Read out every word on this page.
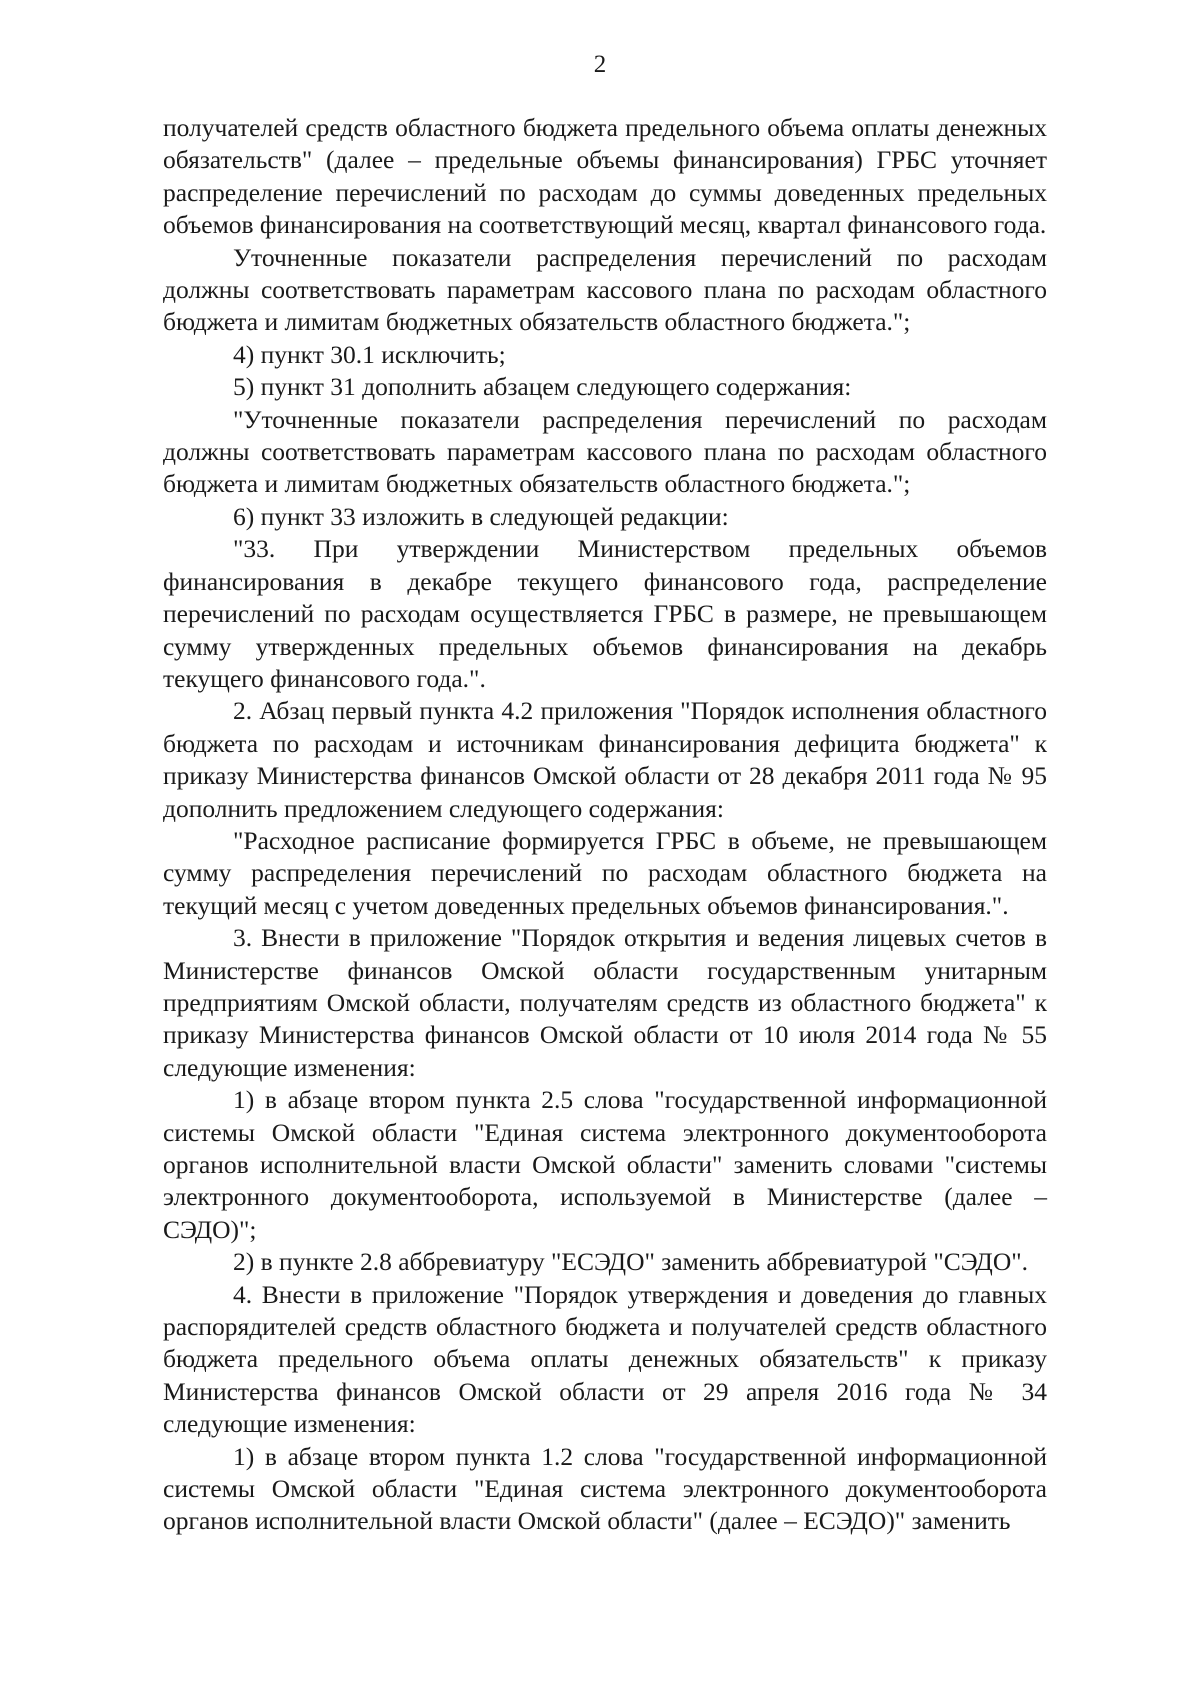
2

получателей средств областного бюджета предельного объема оплаты денежных обязательств" (далее – предельные объемы финансирования) ГРБС уточняет распределение перечислений по расходам до суммы доведенных предельных объемов финансирования на соответствующий месяц, квартал финансового года.

Уточненные показатели распределения перечислений по расходам должны соответствовать параметрам кассового плана по расходам областного бюджета и лимитам бюджетных обязательств областного бюджета.";

4) пункт 30.1 исключить;

5) пункт 31 дополнить абзацем следующего содержания:

"Уточненные показатели распределения перечислений по расходам должны соответствовать параметрам кассового плана по расходам областного бюджета и лимитам бюджетных обязательств областного бюджета.";

6) пункт 33 изложить в следующей редакции:

"33. При утверждении Министерством предельных объемов финансирования в декабре текущего финансового года, распределение перечислений по расходам осуществляется ГРБС в размере, не превышающем сумму утвержденных предельных объемов финансирования на декабрь текущего финансового года.".

2. Абзац первый пункта 4.2 приложения "Порядок исполнения областного бюджета по расходам и источникам финансирования дефицита бюджета" к приказу Министерства финансов Омской области от 28 декабря 2011 года № 95 дополнить предложением следующего содержания:

"Расходное расписание формируется ГРБС в объеме, не превышающем сумму распределения перечислений по расходам областного бюджета на текущий месяц с учетом доведенных предельных объемов финансирования.".

3. Внести в приложение "Порядок открытия и ведения лицевых счетов в Министерстве финансов Омской области государственным унитарным предприятиям Омской области, получателям средств из областного бюджета" к приказу Министерства финансов Омской области от 10 июля 2014 года № 55 следующие изменения:

1) в абзаце втором пункта 2.5 слова "государственной информационной системы Омской области "Единая система электронного документооборота органов исполнительной власти Омской области" заменить словами "системы электронного документооборота, используемой в Министерстве (далее – СЭДО)";

2) в пункте 2.8 аббревиатуру "ЕСЭДО" заменить аббревиатурой "СЭДО".

4. Внести в приложение "Порядок утверждения и доведения до главных распорядителей средств областного бюджета и получателей средств областного бюджета предельного объема оплаты денежных обязательств" к приказу Министерства финансов Омской области от 29 апреля 2016 года № 34 следующие изменения:

1) в абзаце втором пункта 1.2 слова "государственной информационной системы Омской области "Единая система электронного документооборота органов исполнительной власти Омской области" (далее – ЕСЭДО)" заменить
